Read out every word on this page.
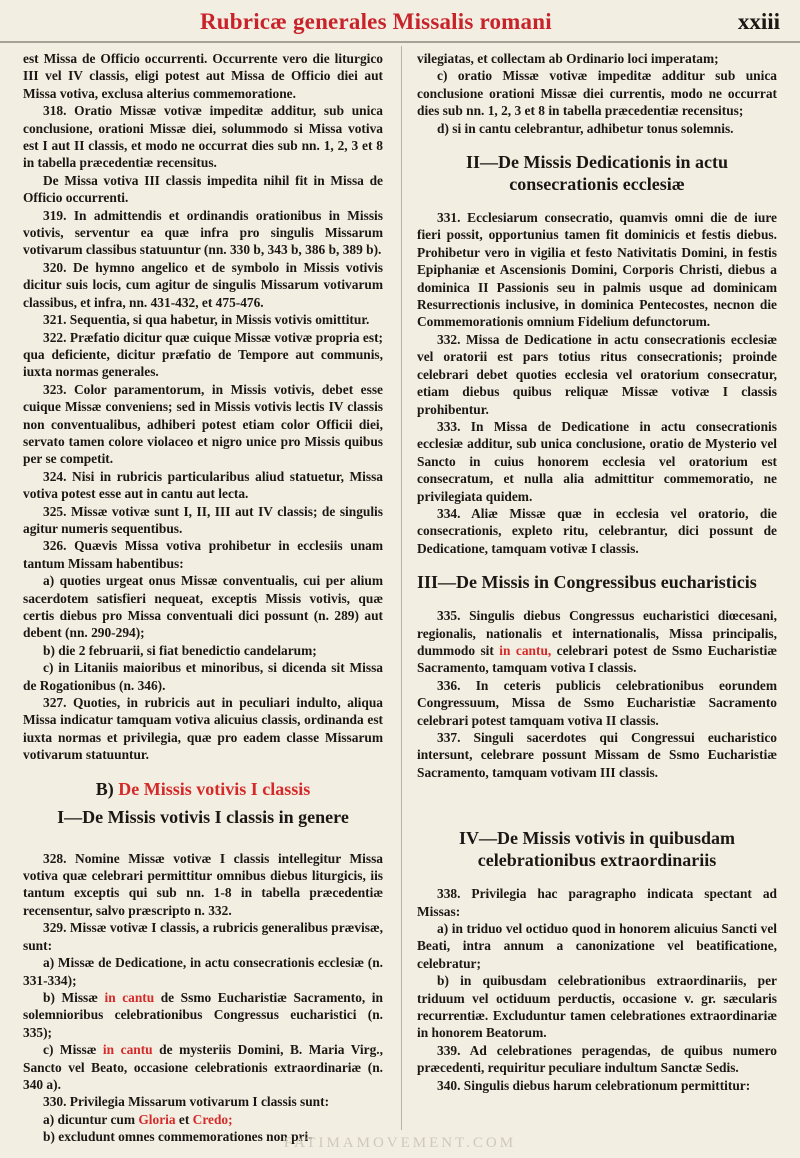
Rubricæ generales Missalis romani	xxiii

est Missa de Officio occurrenti. Occurrente vero die liturgico III vel IV classis, eligi potest aut Missa de Officio diei aut Missa votiva, exclusa alterius commemoratione.

318. Oratio Missæ votivæ impeditæ additur, sub unica conclusione, orationi Missæ diei, solummodo si Missa votiva est I aut II classis, et modo ne occurrat dies sub nn. 1, 2, 3 et 8 in tabella præcedentiæ recensitus.

De Missa votiva III classis impedita nihil fit in Missa de Officio occurrenti.

319. In admittendis et ordinandis orationibus in Missis votivis, serventur ea quæ infra pro singulis Missarum votivarum classibus statuuntur (nn. 330 b, 343 b, 386 b, 389 b).

320. De hymno angelico et de symbolo in Missis votivis dicitur suis locis, cum agitur de singulis Missarum votivarum classibus, et infra, nn. 431-432, et 475-476.

321. Sequentia, si qua habetur, in Missis votivis omittitur.

322. Præfatio dicitur quæ cuique Missæ votivæ propria est; qua deficiente, dicitur præfatio de Tempore aut communis, iuxta normas generales.

323. Color paramentorum, in Missis votivis, debet esse cuique Missæ conveniens; sed in Missis votivis lectis IV classis non conventualibus, adhiberi potest etiam color Officii diei, servato tamen colore violaceo et nigro unice pro Missis quibus per se competit.

324. Nisi in rubricis particularibus aliud statuetur, Missa votiva potest esse aut in cantu aut lecta.

325. Missæ votivæ sunt I, II, III aut IV classis; de singulis agitur numeris sequentibus.

326. Quævis Missa votiva prohibetur in ecclesiis unam tantum Missam habentibus:

a) quoties urgeat onus Missæ conventualis, cui per alium sacerdotem satisfieri nequeat, exceptis Missis votivis, quæ certis diebus pro Missa conventuali dici possunt (n. 289) aut debent (nn. 290-294);

b) die 2 februarii, si fiat benedictio candelarum;

c) in Litaniis maioribus et minoribus, si dicenda sit Missa de Rogationibus (n. 346).

327. Quoties, in rubricis aut in peculiari indulto, aliqua Missa indicatur tamquam votiva alicuius classis, ordinanda est iuxta normas et privilegia, quæ pro eadem classe Missarum votivarum statuuntur.

B) De Missis votivis I classis
I—De Missis votivis I classis in genere

328. Nomine Missæ votivæ I classis intellegitur Missa votiva quæ celebrari permittitur omnibus diebus liturgicis, iis tantum exceptis qui sub nn. 1-8 in tabella præcedentiæ recensentur, salvo præscripto n. 332.

329. Missæ votivæ I classis, a rubricis generalibus prævisæ, sunt:

a) Missæ de Dedicatione, in actu consecrationis ecclesiæ (n. 331-334);

b) Missæ in cantu de Ssmo Eucharistiæ Sacramento, in solemnioribus celebrationibus Congressus eucharistici (n. 335);

c) Missæ in cantu de mysteriis Domini, B. Maria Virg., Sancto vel Beato, occasione celebrationis extraordinariæ (n. 340 a).

330. Privilegia Missarum votivarum I classis sunt:

a) dicuntur cum Gloria et Credo;

b) excludunt omnes commemorationes non pri-

vilegiatas, et collectam ab Ordinario loci imperatam;

c) oratio Missæ votivæ impeditæ additur sub unica conclusione orationi Missæ diei currentis, modo ne occurrat dies sub nn. 1, 2, 3 et 8 in tabella præcedentiæ recensitus;

d) si in cantu celebrantur, adhibetur tonus solemnis.

II—De Missis Dedicationis in actu consecrationis ecclesiæ

331. Ecclesiarum consecratio, quamvis omni die de iure fieri possit, opportunius tamen fit dominicis et festis diebus. Prohibetur vero in vigilia et festo Nativitatis Domini, in festis Epiphaniæ et Ascensionis Domini, Corporis Christi, diebus a dominica II Passionis seu in palmis usque ad dominicam Resurrectionis inclusive, in dominica Pentecostes, necnon die Commemorationis omnium Fidelium defunctorum.

332. Missa de Dedicatione in actu consecrationis ecclesiæ vel oratorii est pars totius ritus consecrationis; proinde celebrari debet quoties ecclesia vel oratorium consecratur, etiam diebus quibus reliquæ Missæ votivæ I classis prohibentur.

333. In Missa de Dedicatione in actu consecrationis ecclesiæ additur, sub unica conclusione, oratio de Mysterio vel Sancto in cuius honorem ecclesia vel oratorium est consecratum, et nulla alia admittitur commemoratio, ne privilegiata quidem.

334. Aliæ Missæ quæ in ecclesia vel oratorio, die consecrationis, expleto ritu, celebrantur, dici possunt de Dedicatione, tamquam votivæ I classis.

III—De Missis in Congressibus eucharisticis

335. Singulis diebus Congressus eucharistici diœcesani, regionalis, nationalis et internationalis, Missa principalis, dummodo sit in cantu, celebrari potest de Ssmo Eucharistiæ Sacramento, tamquam votiva I classis.

336. In ceteris publicis celebrationibus eorundem Congressuum, Missa de Ssmo Eucharistiæ Sacramento celebrari potest tamquam votiva II classis.

337. Singuli sacerdotes qui Congressui eucharistico intersunt, celebrare possunt Missam de Ssmo Eucharistiæ Sacramento, tamquam votivam III classis.

IV—De Missis votivis in quibusdam celebrationibus extraordinariis

338. Privilegia hac paragrapho indicata spectant ad Missas:

a) in triduo vel octiduo quod in honorem alicuius Sancti vel Beati, intra annum a canonizatione vel beatificatione, celebratur;

b) in quibusdam celebrationibus extraordinariis, per triduum vel octiduum perductis, occasione v. gr. sæcularis recurrentiæ. Excluduntur tamen celebrationes extraordinariæ in honorem Beatorum.

339. Ad celebrationes peragendas, de quibus numero præcedenti, requiritur peculiare indultum Sanctæ Sedis.

340. Singulis diebus harum celebrationum permittitur:

FATIMAMOVEMENT.COM
